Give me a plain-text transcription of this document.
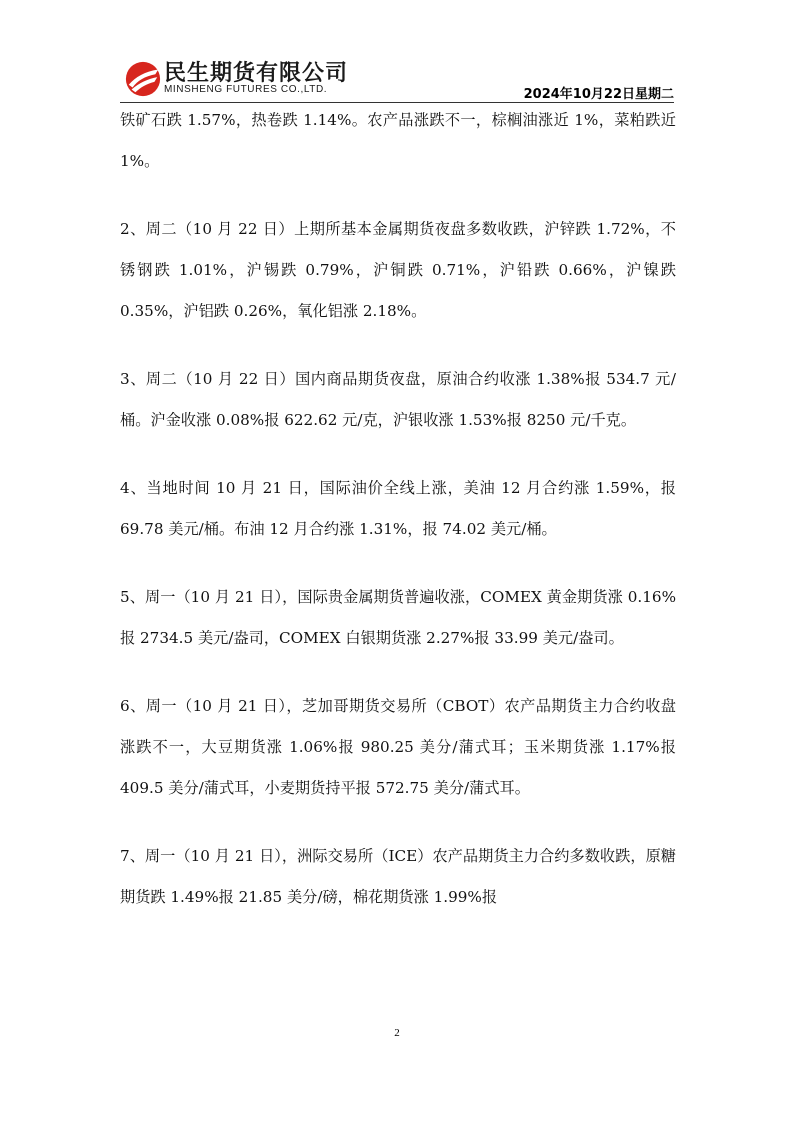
民生期货有限公司
MINSHENG FUTURES CO.,LTD.	2024年10月22日星期二

铁矿石跌 1.57%，热卷跌 1.14%。农产品涨跌不一，棕榈油涨近 1%，菜粕跌近 1%。

2、周二（10 月 22 日）上期所基本金属期货夜盘多数收跌，沪锌跌 1.72%，不锈钢跌 1.01%，沪锡跌 0.79%，沪铜跌 0.71%，沪铅跌 0.66%，沪镍跌 0.35%，沪铝跌 0.26%，氧化铝涨 2.18%。

3、周二（10 月 22 日）国内商品期货夜盘，原油合约收涨 1.38%报 534.7 元/桶。沪金收涨 0.08%报 622.62 元/克，沪银收涨 1.53%报 8250 元/千克。

4、当地时间 10 月 21 日，国际油价全线上涨，美油 12 月合约涨 1.59%，报 69.78 美元/桶。布油 12 月合约涨 1.31%，报 74.02 美元/桶。

5、周一（10 月 21 日），国际贵金属期货普遍收涨，COMEX 黄金期货涨 0.16%报 2734.5 美元/盎司，COMEX 白银期货涨 2.27%报 33.99 美元/盎司。

6、周一（10 月 21 日），芝加哥期货交易所（CBOT）农产品期货主力合约收盘涨跌不一，大豆期货涨 1.06%报 980.25 美分/蒲式耳；玉米期货涨 1.17%报 409.5 美分/蒲式耳，小麦期货持平报 572.75 美分/蒲式耳。

7、周一（10 月 21 日），洲际交易所（ICE）农产品期货主力合约多数收跌，原糖期货跌 1.49%报 21.85 美分/磅，棉花期货涨 1.99%报

2
